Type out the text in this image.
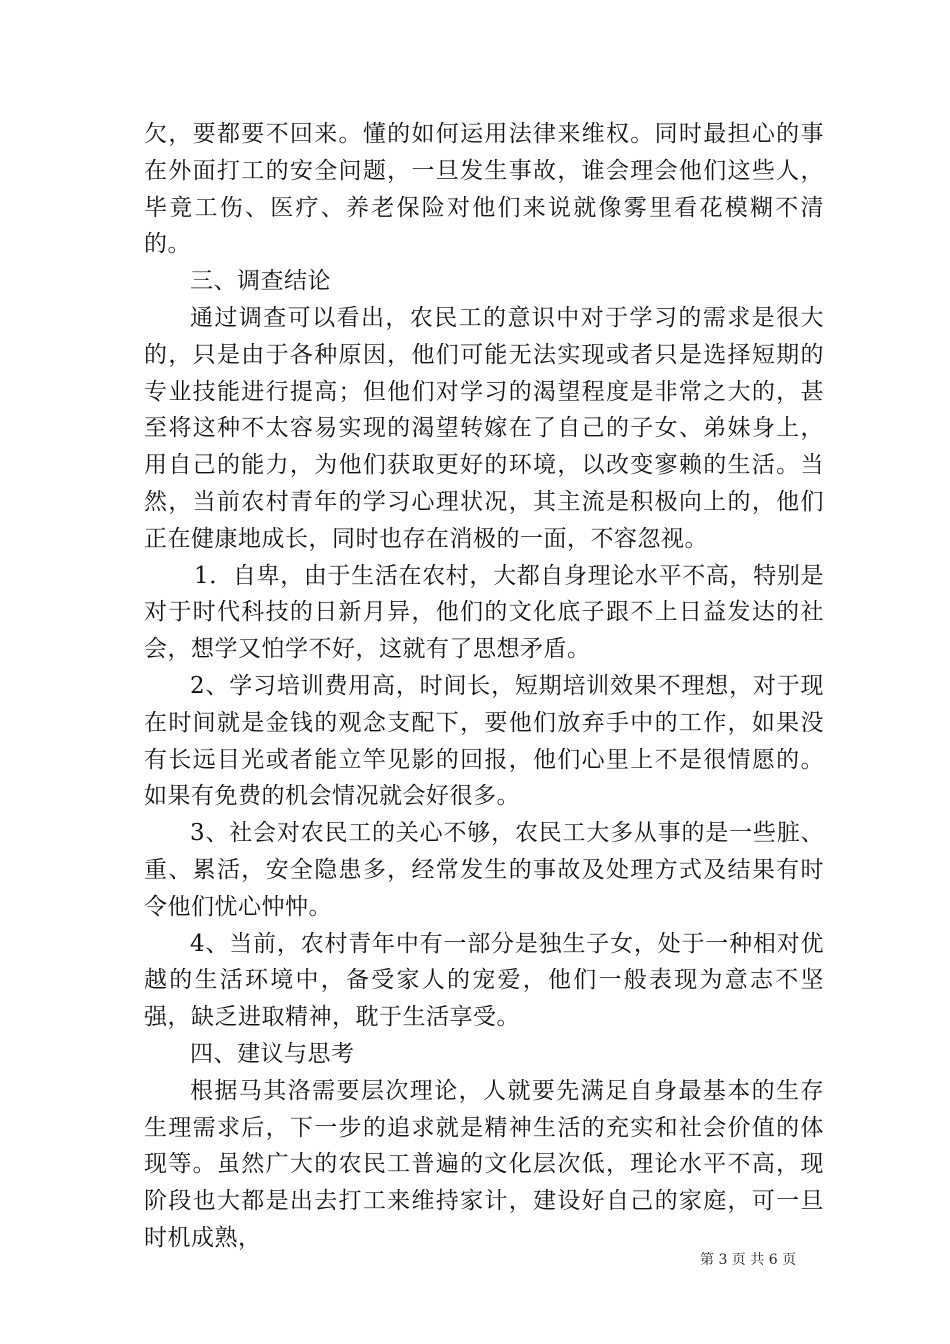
欠，要都要不回来。懂的如何运用法律来维权。同时最担心的事在外面打工的安全问题，一旦发生事故，谁会理会他们这些人，毕竟工伤、医疗、养老保险对他们来说就像雾里看花模糊不清的。

三、调查结论

通过调查可以看出，农民工的意识中对于学习的需求是很大的，只是由于各种原因，他们可能无法实现或者只是选择短期的专业技能进行提高；但他们对学习的渴望程度是非常之大的，甚至将这种不太容易实现的渴望转嫁在了自己的子女、弟妹身上，用自己的能力，为他们获取更好的环境，以改变寥赖的生活。当然，当前农村青年的学习心理状况，其主流是积极向上的，他们正在健康地成长，同时也存在消极的一面，不容忽视。

1．自卑，由于生活在农村，大都自身理论水平不高，特别是对于时代科技的日新月异，他们的文化底子跟不上日益发达的社会，想学又怕学不好，这就有了思想矛盾。

2、学习培训费用高，时间长，短期培训效果不理想，对于现在时间就是金钱的观念支配下，要他们放弃手中的工作，如果没有长远目光或者能立竿见影的回报，他们心里上不是很情愿的。如果有免费的机会情况就会好很多。

3、社会对农民工的关心不够，农民工大多从事的是一些脏、重、累活，安全隐患多，经常发生的事故及处理方式及结果有时令他们忧心忡忡。

4、当前，农村青年中有一部分是独生子女，处于一种相对优越的生活环境中，备受家人的宠爱，他们一般表现为意志不坚强，缺乏进取精神，耽于生活享受。

四、建议与思考

根据马其洛需要层次理论，人就要先满足自身最基本的生存生理需求后，下一步的追求就是精神生活的充实和社会价值的体现等。虽然广大的农民工普遍的文化层次低，理论水平不高，现阶段也大都是出去打工来维持家计，建设好自己的家庭，可一旦时机成熟，

第 3 页 共 6 页
